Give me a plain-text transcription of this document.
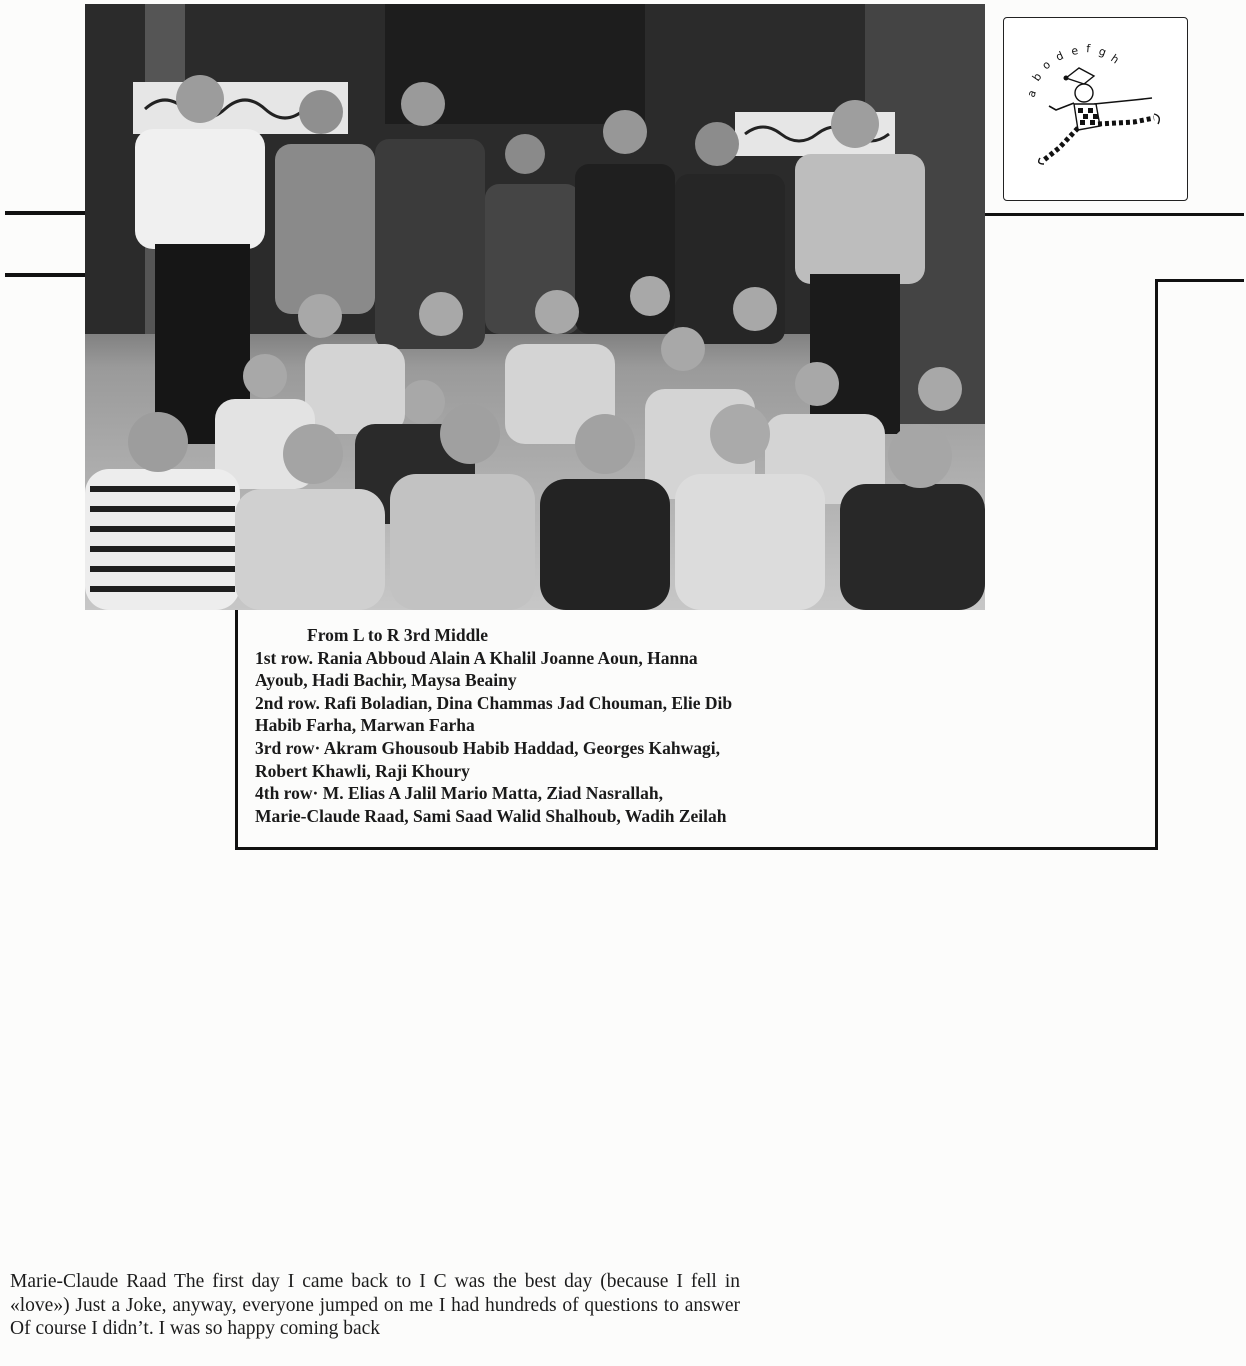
a
b
o
d e f g h
From L to R 3rd Middle
1st row. Rania Abboud Alain A Khalil Joanne Aoun, Hanna
Ayoub, Hadi Bachir, Maysa Beainy
2nd row. Rafi Boladian, Dina Chammas Jad Chouman, Elie Dib
Habib Farha, Marwan Farha
3rd row· Akram Ghousoub Habib Haddad, Georges Kahwagi,
Robert Khawli, Raji Khoury
4th row· M. Elias A Jalil Mario Matta, Ziad Nasrallah,
Marie-Claude Raad, Sami Saad Walid Shalhoub, Wadih Zeilah
Marie-Claude Raad The first day I came back to I C was the best day (because I fell in «love») Just a Joke, anyway, everyone jumped on me I had hundreds of questions to answer Of course I didn’t. I was so happy coming back
